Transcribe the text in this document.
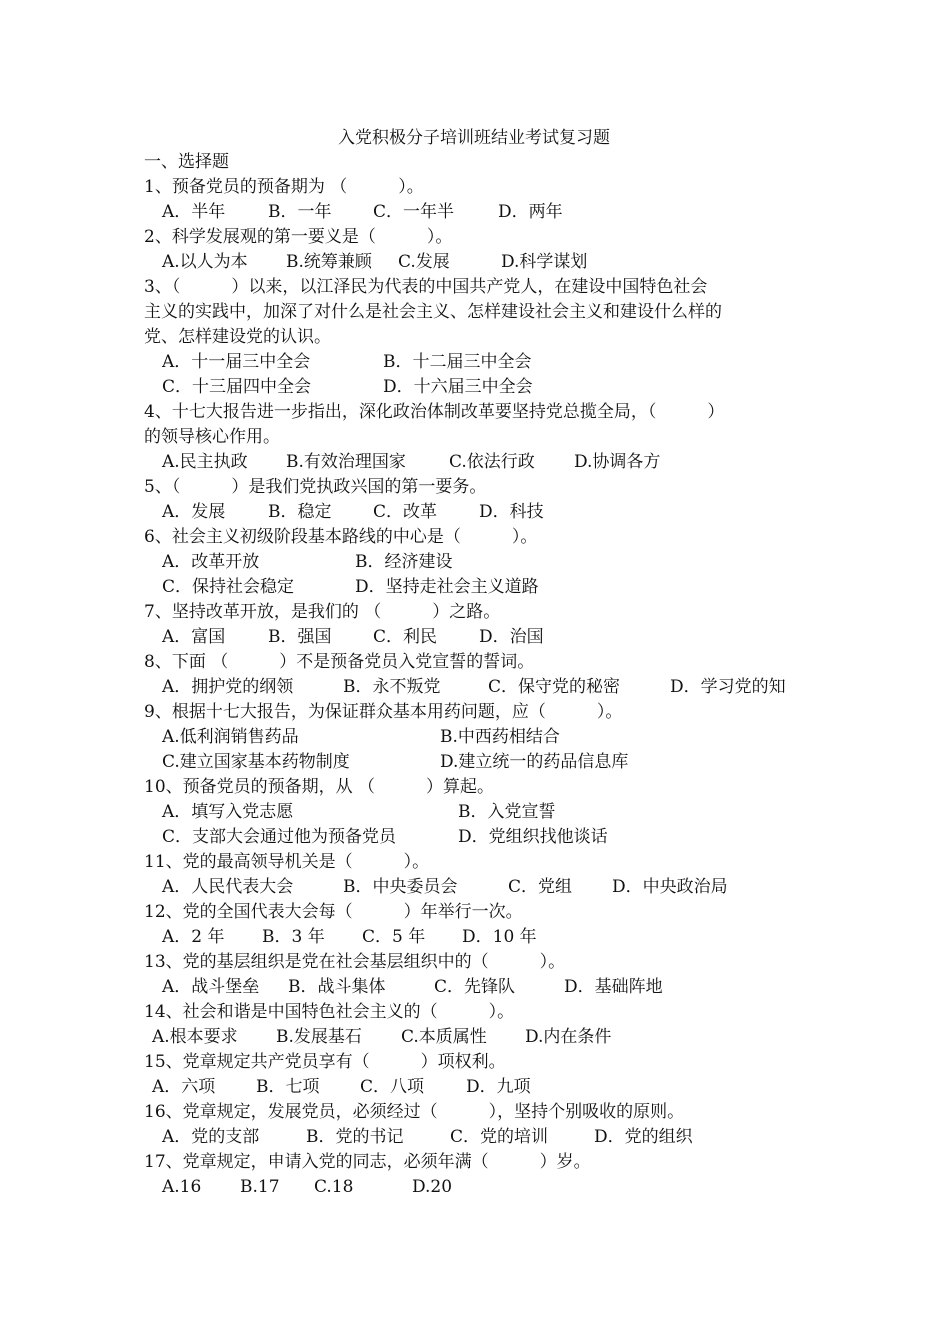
入党积极分子培训班结业考试复习题
一、选择题
1、预备党员的预备期为 （　　　）。
A．半年	B．一年 C．一年半	D．两年
2、科学发展观的第一要义是（　　　）。
A.以人为本 B.统筹兼顾 C.发展	D.科学谋划
3、（　　　）以来，以江泽民为代表的中国共产党人，在建设中国特色社会
主义的实践中，加深了对什么是社会主义、怎样建设社会主义和建设什么样的
党、怎样建设党的认识。
A．十一届三中全会	B．十二届三中全会
C．十三届四中全会	D．十六届三中全会
4、十七大报告进一步指出，深化政治体制改革要坚持党总揽全局，（　　　）
的领导核心作用。
A.民主执政 B.有效治理国家	C.依法行政 D.协调各方
5、（　　　）是我们党执政兴国的第一要务。
A．发展	B．稳定 C．改革 D．科技
6、社会主义初级阶段基本路线的中心是（　　　）。
A．改革开放	B．经济建设
C．保持社会稳定	D．坚持走社会主义道路
7、坚持改革开放，是我们的 （　　　）之路。
A．富国	B．强国 C．利民 D．治国
8、下面 （　　　）不是预备党员入党宣誓的誓词。
A．拥护党的纲领	B．永不叛党	C．保守党的秘密	D．学习党的知
9、根据十七大报告，为保证群众基本用药问题，应（　　　）。
A.低利润销售药品	B.中西药相结合
C.建立国家基本药物制度	D.建立统一的药品信息库
10、预备党员的预备期，从 （　　　）算起。
A．填写入党志愿	B．入党宣誓
C．支部大会通过他为预备党员	D．党组织找他谈话
11、党的最高领导机关是（　　　）。
A．人民代表大会	B．中央委员会	C．党组 D．中央政治局
12、党的全国代表大会每（　　　）年举行一次。
A．2 年 B．3 年 C．5 年 D．10 年
13、党的基层组织是党在社会基层组织中的（　　　）。
A．战斗堡垒 B．战斗集体	C．先锋队	D．基础阵地
14、社会和谐是中国特色社会主义的（　　　）。
A.根本要求 B.发展基石 C.本质属性 D.内在条件
15、党章规定共产党员享有（　　　）项权利。
A．六项 B．七项 C．八项 D．九项
16、党章规定，发展党员，必须经过（　　　），坚持个别吸收的原则。
A．党的支部	B．党的书记	C．党的培训	D．党的组织
17、党章规定，申请入党的同志，必须年满（　　　）岁。
A.16 B.17 C.18	D.20
